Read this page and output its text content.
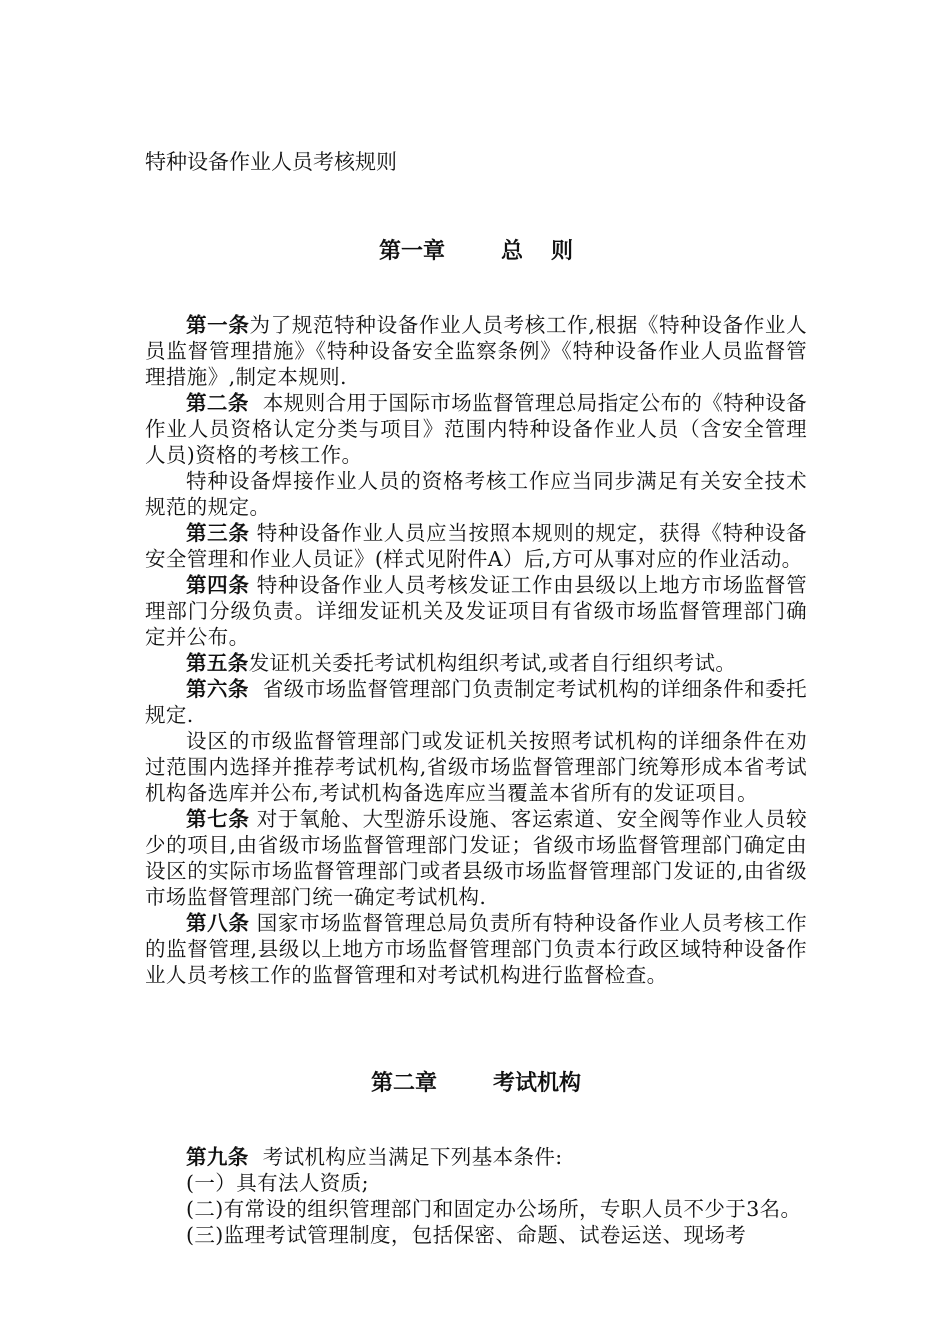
特种设备作业人员考核规则
第一章	总 则

第一条为了规范特种设备作业人员考核工作,根据《特种设备作业人员监督管理措施》《特种设备安全监察条例》《特种设备作业人员监督管理措施》,制定本规则.

第二条 本规则合用于国际市场监督管理总局指定公布的《特种设备作业人员资格认定分类与项目》范围内特种设备作业人员（含安全管理人员)资格的考核工作。

特种设备焊接作业人员的资格考核工作应当同步满足有关安全技术规范的规定。

第三条 特种设备作业人员应当按照本规则的规定，获得《特种设备安全管理和作业人员证》(样式见附件A）后,方可从事对应的作业活动。

第四条 特种设备作业人员考核发证工作由县级以上地方市场监督管理部门分级负责。详细发证机关及发证项目有省级市场监督管理部门确定并公布。

第五条发证机关委托考试机构组织考试,或者自行组织考试。

第六条 省级市场监督管理部门负责制定考试机构的详细条件和委托规定.

设区的市级监督管理部门或发证机关按照考试机构的详细条件在劝过范围内选择并推荐考试机构,省级市场监督管理部门统筹形成本省考试机构备选库并公布,考试机构备选库应当覆盖本省所有的发证项目。

第七条 对于氧舱、大型游乐设施、客运索道、安全阀等作业人员较少的项目,由省级市场监督管理部门发证；省级市场监督管理部门确定由设区的实际市场监督管理部门或者县级市场监督管理部门发证的,由省级市场监督管理部门统一确定考试机构.

第八条 国家市场监督管理总局负责所有特种设备作业人员考核工作的监督管理,县级以上地方市场监督管理部门负责本行政区域特种设备作业人员考核工作的监督管理和对考试机构进行监督检查。

第二章	考试机构

第九条 考试机构应当满足下列基本条件:

(一）具有法人资质;

(二)有常设的组织管理部门和固定办公场所，专职人员不少于3名。

(三)监理考试管理制度，包括保密、命题、试卷运送、现场考
